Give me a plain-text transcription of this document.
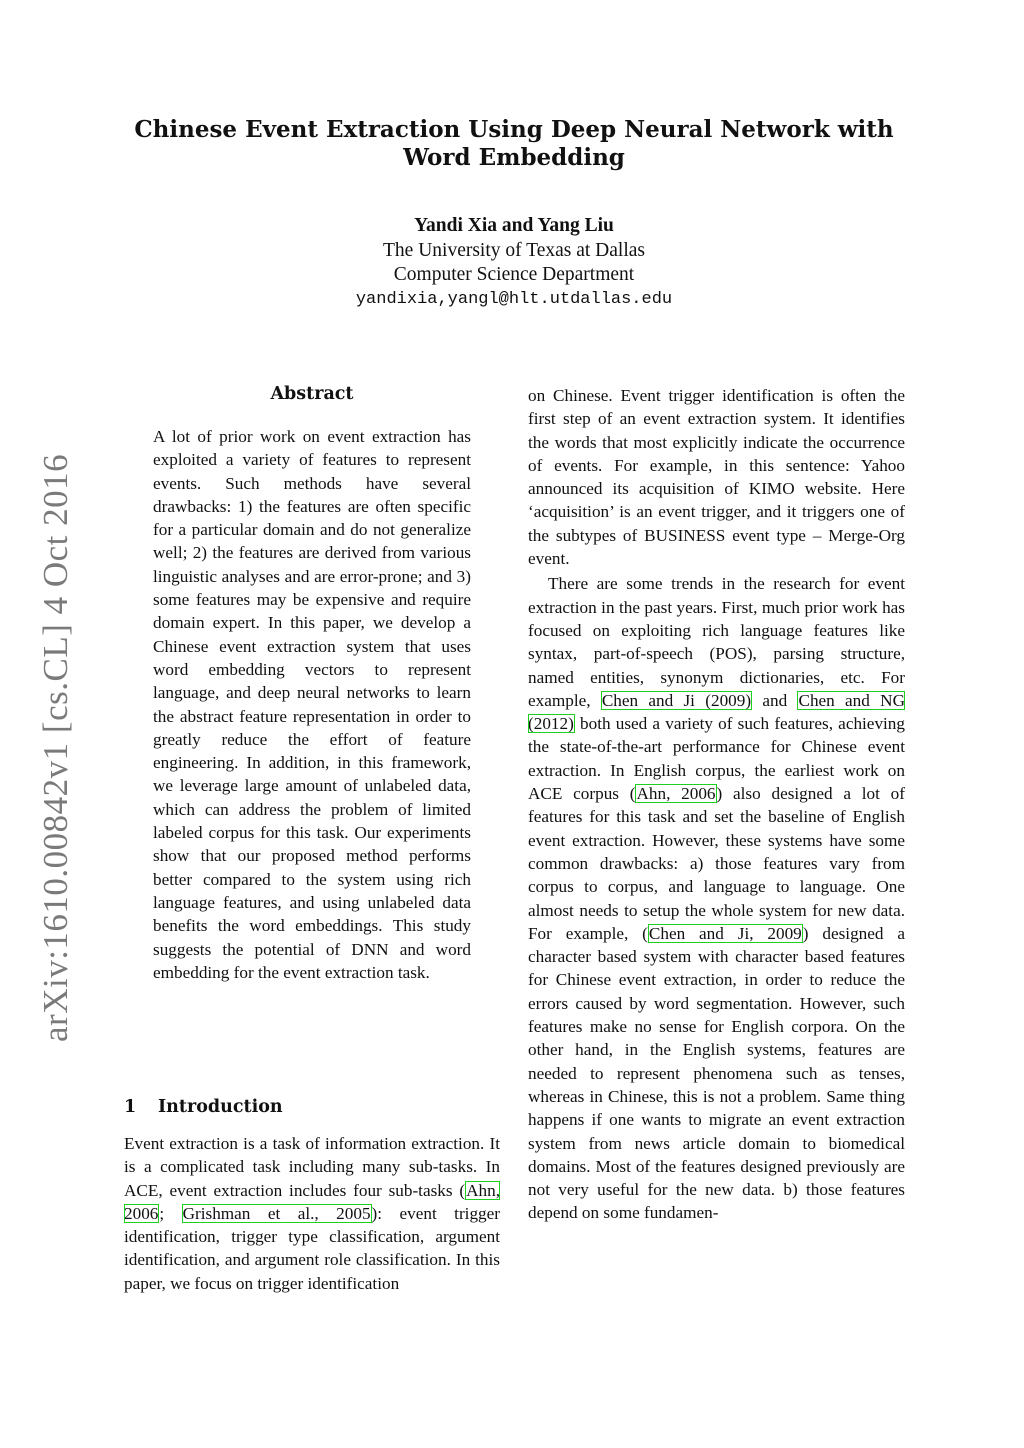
Chinese Event Extraction Using Deep Neural Network with Word Embedding
Yandi Xia and Yang Liu
The University of Texas at Dallas
Computer Science Department
yandixia,yangl@hlt.utdallas.edu
arXiv:1610.00842v1 [cs.CL] 4 Oct 2016
Abstract

A lot of prior work on event extraction has exploited a variety of features to represent events. Such methods have several drawbacks: 1) the features are often specific for a particular domain and do not generalize well; 2) the features are derived from various linguistic analyses and are error-prone; and 3) some features may be expensive and require domain expert. In this paper, we develop a Chinese event extraction system that uses word embedding vectors to represent language, and deep neural networks to learn the abstract feature representation in order to greatly reduce the effort of feature engineering. In addition, in this framework, we leverage large amount of unlabeled data, which can address the problem of limited labeled corpus for this task. Our experiments show that our proposed method performs better compared to the system using rich language features, and using unlabeled data benefits the word embeddings. This study suggests the potential of DNN and word embedding for the event extraction task.

1 Introduction

Event extraction is a task of information extraction. It is a complicated task including many sub-tasks. In ACE, event extraction includes four sub-tasks (Ahn, 2006; Grishman et al., 2005): event trigger identification, trigger type classification, argument identification, and argument role classification. In this paper, we focus on trigger identification

on Chinese. Event trigger identification is often the first step of an event extraction system. It identifies the words that most explicitly indicate the occurrence of events. For example, in this sentence: Yahoo announced its acquisition of KIMO website. Here ‘acquisition’ is an event trigger, and it triggers one of the subtypes of BUSINESS event type – Merge-Org event.

There are some trends in the research for event extraction in the past years. First, much prior work has focused on exploiting rich language features like syntax, part-of-speech (POS), parsing structure, named entities, synonym dictionaries, etc. For example, Chen and Ji (2009) and Chen and NG (2012) both used a variety of such features, achieving the state-of-the-art performance for Chinese event extraction. In English corpus, the earliest work on ACE corpus (Ahn, 2006) also designed a lot of features for this task and set the baseline of English event extraction. However, these systems have some common drawbacks: a) those features vary from corpus to corpus, and language to language. One almost needs to setup the whole system for new data. For example, (Chen and Ji, 2009) designed a character based system with character based features for Chinese event extraction, in order to reduce the errors caused by word segmentation. However, such features make no sense for English corpora. On the other hand, in the English systems, features are needed to represent phenomena such as tenses, whereas in Chinese, this is not a problem. Same thing happens if one wants to migrate an event extraction system from news article domain to biomedical domains. Most of the features designed previously are not very useful for the new data. b) those features depend on some fundamen-
